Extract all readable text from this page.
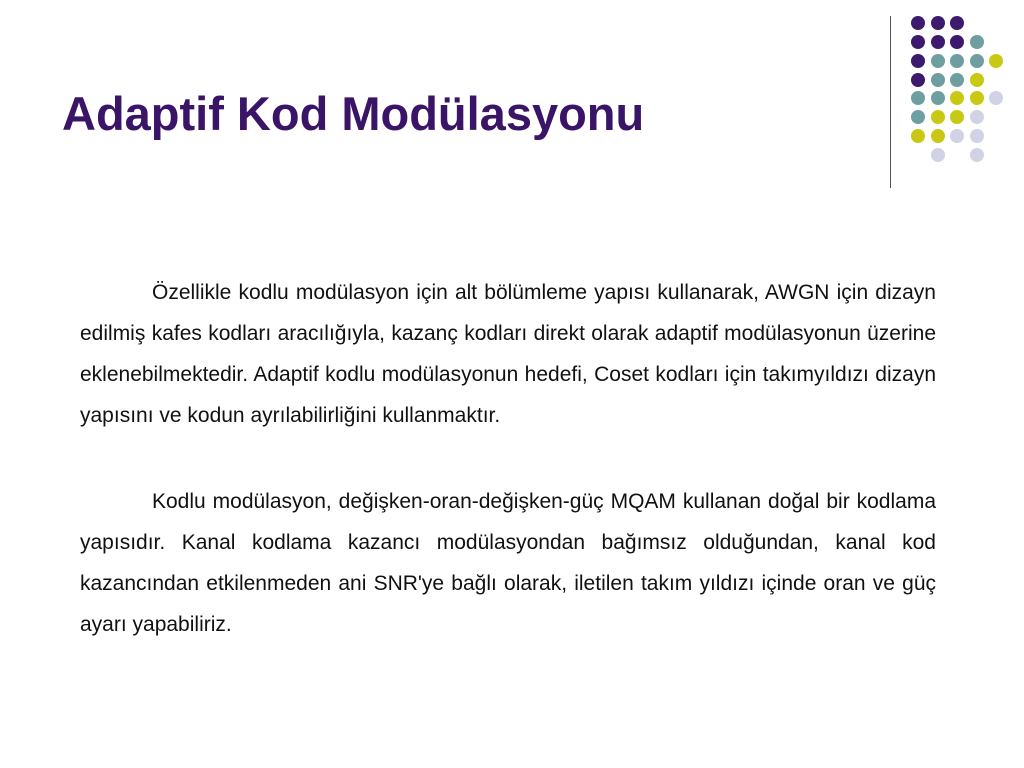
Adaptif Kod Modülasyonu

Özellikle kodlu modülasyon için alt bölümleme yapısı kullanarak, AWGN için dizayn edilmiş kafes kodları aracılığıyla, kazanç kodları direkt olarak adaptif modülasyonun üzerine eklenebilmektedir. Adaptif kodlu modülasyonun hedefi, Coset kodları için takımyıldızı dizayn yapısını ve kodun ayrılabilirliğini kullanmaktır.

Kodlu modülasyon, değişken-oran-değişken-güç MQAM kullanan doğal bir kodlama yapısıdır. Kanal kodlama kazancı modülasyondan bağımsız olduğundan, kanal kod kazancından etkilenmeden ani SNR'ye bağlı olarak, iletilen takım yıldızı içinde oran ve güç ayarı yapabiliriz.
